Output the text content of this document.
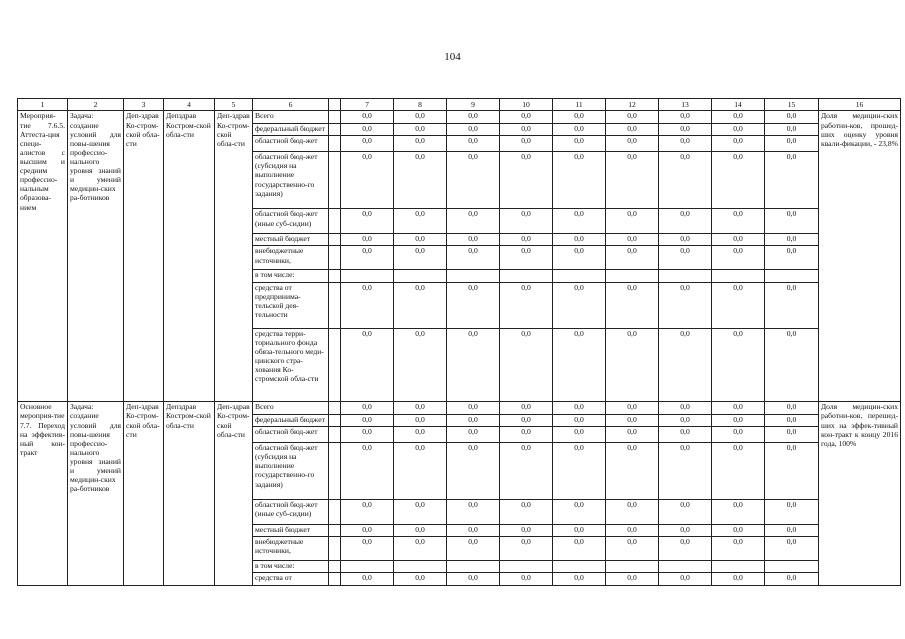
104
1	2	3	4	5	6		7	8	9	10	11	12	13	14	15	16
Мероприя-тие 7.6.5. Аттеста-ция специ-алистов с высшим и средним профессио-нальным образова-нием	Задача: создание условий для повы-шения профессио-нального уровня знаний и умений медицин-ских ра-ботников	Деп-здрав Ко-стром-ской обла-сти	Депздрав Костром-ской обла-сти	Деп-здрав Ко-стром-ской обла-сти	Всего		0,0	0,0	0,0	0,0	0,0	0,0	0,0	0,0	0,0	Доля медицин-ских работни-ков, прошед-ших оценку уровня квали-фикации, - 23,8%
					федеральный бюджет		0,0	0,0	0,0	0,0	0,0	0,0	0,0	0,0	0,0	
					областной бюд-жет		0,0	0,0	0,0	0,0	0,0	0,0	0,0	0,0	0,0	
					областной бюд-жет (субсидия на выполнение государственно-го задания)		0,0	0,0	0,0	0,0	0,0	0,0	0,0	0,0	0,0	
					областной бюд-жет (иные суб-сидии)		0,0	0,0	0,0	0,0	0,0	0,0	0,0	0,0	0,0	
					местный бюджет		0,0	0,0	0,0	0,0	0,0	0,0	0,0	0,0	0,0	
					внебюджетные источники,		0,0	0,0	0,0	0,0	0,0	0,0	0,0	0,0	0,0	
					в том числе:											
					средства от предпринима-тельской дея-тельности		0,0	0,0	0,0	0,0	0,0	0,0	0,0	0,0	0,0	
					средства терри-ториального фонда обяза-тельного меди-цинского стра-хования Ко-стромской обла-сти		0,0	0,0	0,0	0,0	0,0	0,0	0,0	0,0	0,0	
Основное мероприя-тие 7.7. Переход на эффектив-ный кон-тракт	Задача: создание условий для повы-шения профессио-нального уровня знаний и умений медицин-ских ра-ботников	Деп-здрав Ко-стром-ской обла-сти	Депздрав Костром-ской обла-сти	Деп-здрав Ко-стром-ской обла-сти	Всего		0,0	0,0	0,0	0,0	0,0	0,0	0,0	0,0	0,0	Доля медицин-ских работни-ков, перешед-ших на эффек-тивный кон-тракт к концу 2016 года, 100%
					федеральный бюджет		0,0	0,0	0,0	0,0	0,0	0,0	0,0	0,0	0,0	
					областной бюд-жет		0,0	0,0	0,0	0,0	0,0	0,0	0,0	0,0	0,0	
					областной бюд-жет (субсидия на выполнение государственно-го задания)		0,0	0,0	0,0	0,0	0,0	0,0	0,0	0,0	0,0	
					областной бюд-жет (иные суб-сидии)		0,0	0,0	0,0	0,0	0,0	0,0	0,0	0,0	0,0	
					местный бюджет		0,0	0,0	0,0	0,0	0,0	0,0	0,0	0,0	0,0	
					внебюджетные источники,		0,0	0,0	0,0	0,0	0,0	0,0	0,0	0,0	0,0	
					в том числе:											
					средства от		0,0	0,0	0,0	0,0	0,0	0,0	0,0	0,0	0,0	
